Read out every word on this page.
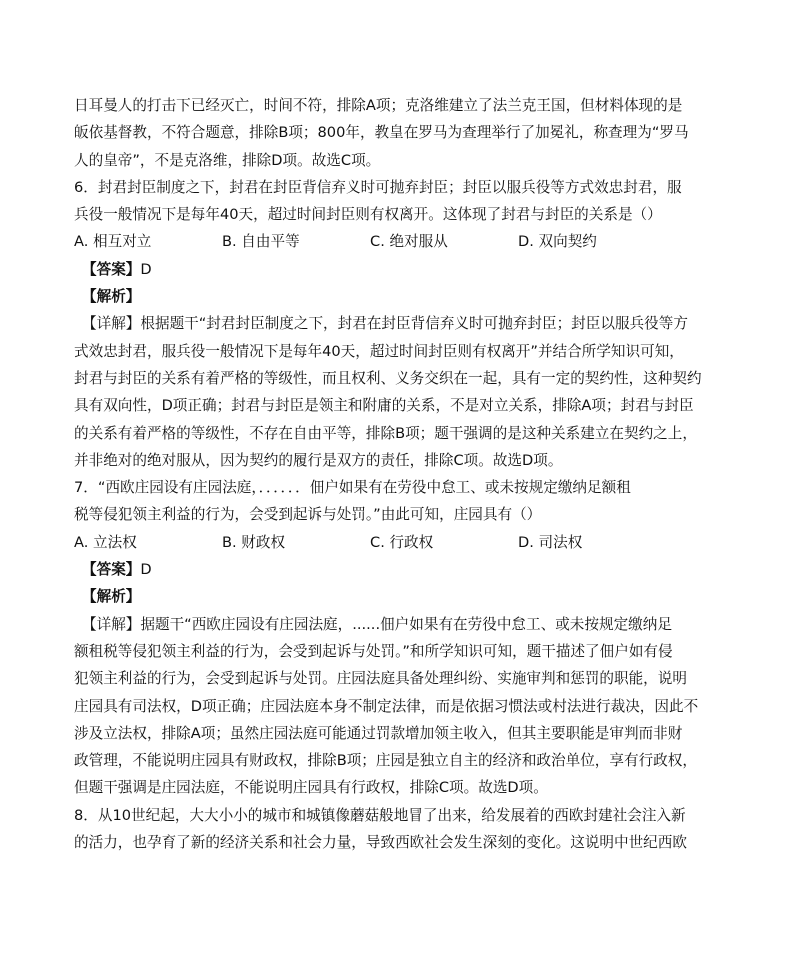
日耳曼人的打击下已经灭亡，时间不符，排除A项；克洛维建立了法兰克王国，但材料体现的是
皈依基督教，不符合题意，排除B项；800年，教皇在罗马为查理举行了加冕礼，称查理为“罗马
人的皇帝”，不是克洛维，排除D项。故选C项。
6．封君封臣制度之下，封君在封臣背信弃义时可抛弃封臣；封臣以服兵役等方式效忠封君，服
兵役一般情况下是每年40天，超过时间封臣则有权离开。这体现了封君与封臣的关系是（）
A. 相互对立	B. 自由平等	C. 绝对服从	D. 双向契约
【答案】D
【解析】
【详解】根据题干“封君封臣制度之下，封君在封臣背信弃义时可抛弃封臣；封臣以服兵役等方
式效忠封君，服兵役一般情况下是每年40天，超过时间封臣则有权离开”并结合所学知识可知，
封君与封臣的关系有着严格的等级性，而且权利、义务交织在一起，具有一定的契约性，这种契约
具有双向性，D项正确；封君与封臣是领主和附庸的关系，不是对立关系，排除A项；封君与封臣
的关系有着严格的等级性，不存在自由平等，排除B项；题干强调的是这种关系建立在契约之上，
并非绝对的绝对服从，因为契约的履行是双方的责任，排除C项。故选D项。
7．“西欧庄园设有庄园法庭，．．．．．．佃户如果有在劳役中怠工、或未按规定缴纳足额租
税等侵犯领主利益的行为，会受到起诉与处罚。”由此可知，庄园具有（）
A. 立法权	B. 财政权	C. 行政权	D. 司法权
【答案】D
【解析】
【详解】据题干“西欧庄园设有庄园法庭，......佃户如果有在劳役中怠工、或未按规定缴纳足
额租税等侵犯领主利益的行为，会受到起诉与处罚。”和所学知识可知，题干描述了佃户如有侵
犯领主利益的行为，会受到起诉与处罚。庄园法庭具备处理纠纷、实施审判和惩罚的职能，说明
庄园具有司法权，D项正确；庄园法庭本身不制定法律，而是依据习惯法或村法进行裁决，因此不
涉及立法权，排除A项；虽然庄园法庭可能通过罚款增加领主收入，但其主要职能是审判而非财
政管理，不能说明庄园具有财政权，排除B项；庄园是独立自主的经济和政治单位，享有行政权，
但题干强调是庄园法庭，不能说明庄园具有行政权，排除C项。故选D项。
8．从10世纪起，大大小小的城市和城镇像蘑菇般地冒了出来，给发展着的西欧封建社会注入新
的活力，也孕育了新的经济关系和社会力量，导致西欧社会发生深刻的变化。这说明中世纪西欧
